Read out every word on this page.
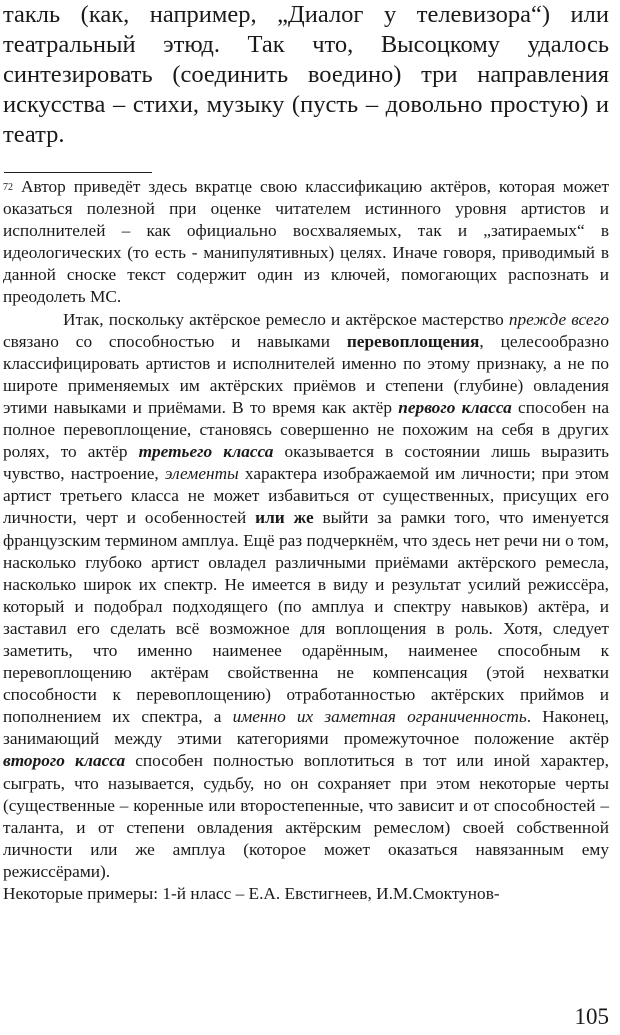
такль (как, например, „Диалог у телевизора“) или театральный этюд. Так что, Высоцкому удалось синтезировать (соединить воедино) три направления искусства – стихи, музыку (пусть – довольно простую) и театр.

$^{72}$ Автор приведёт здесь вкратце свою классификацию актёров, которая может оказаться полезной при оценке читателем истинного уровня артистов и исполнителей – как официально восхваляемых, так и „затираемых“ в идеологических (то есть - манипулятивных) целях. Иначе говоря, приводимый в данной сноске текст содержит один из ключей, помогающих распознать и преодолеть МС.

Итак, поскольку актёрское ремесло и актёрское мастерство прежде всего связано со способностью и навыками перевоплощения, целесообразно классифицировать артистов и исполнителей именно по этому признаку, а не по широте применяемых им актёрских приёмов и степени (глубине) овладения этими навыками и приёмами. В то время как актёр первого класса способен на полное перевоплощение, становясь совершенно не похожим на себя в других ролях, то актёр третьего класса оказывается в состоянии лишь выразить чувство, настроение, элементы характера изображаемой им личности; при этом артист третьего класса не может избавиться от существенных, присущих его личности, черт и особенностей или же выйти за рамки того, что именуется французским термином амплуа. Ещё раз подчеркнём, что здесь нет речи ни о том, насколько глубоко артист овладел различными приёмами актёрского ремесла, насколько широк их спектр. Не имеется в виду и результат усилий режиссёра, который и подобрал подходящего (по амплуа и спектру навыков) актёра, и заставил его сделать всё возможное для воплощения в роль. Хотя, следует заметить, что именно наименее одарённым, наименее способным к перевоплощению актёрам свойственна не компенсация (этой нехватки способности к перевоплощению) отработанностью актёрских приймов и пополнением их спектра, а именно их заметная ограниченность. Наконец, занимающий между этими категориями промежуточное положение актёр второго класса способен полностью воплотиться в тот или иной характер, сыграть, что называется, судьбу, но он сохраняет при этом некоторые черты (существенные – коренные или второстепенные, что зависит и от способностей – таланта, и от степени овладения актёрским ремеслом) своей собственной личности или же амплуа (которое может оказаться навязанным ему режиссёрами).

Некоторые примеры: 1-й нласс – Е.А. Евстигнеев, И.М.Смоктунов-

105
